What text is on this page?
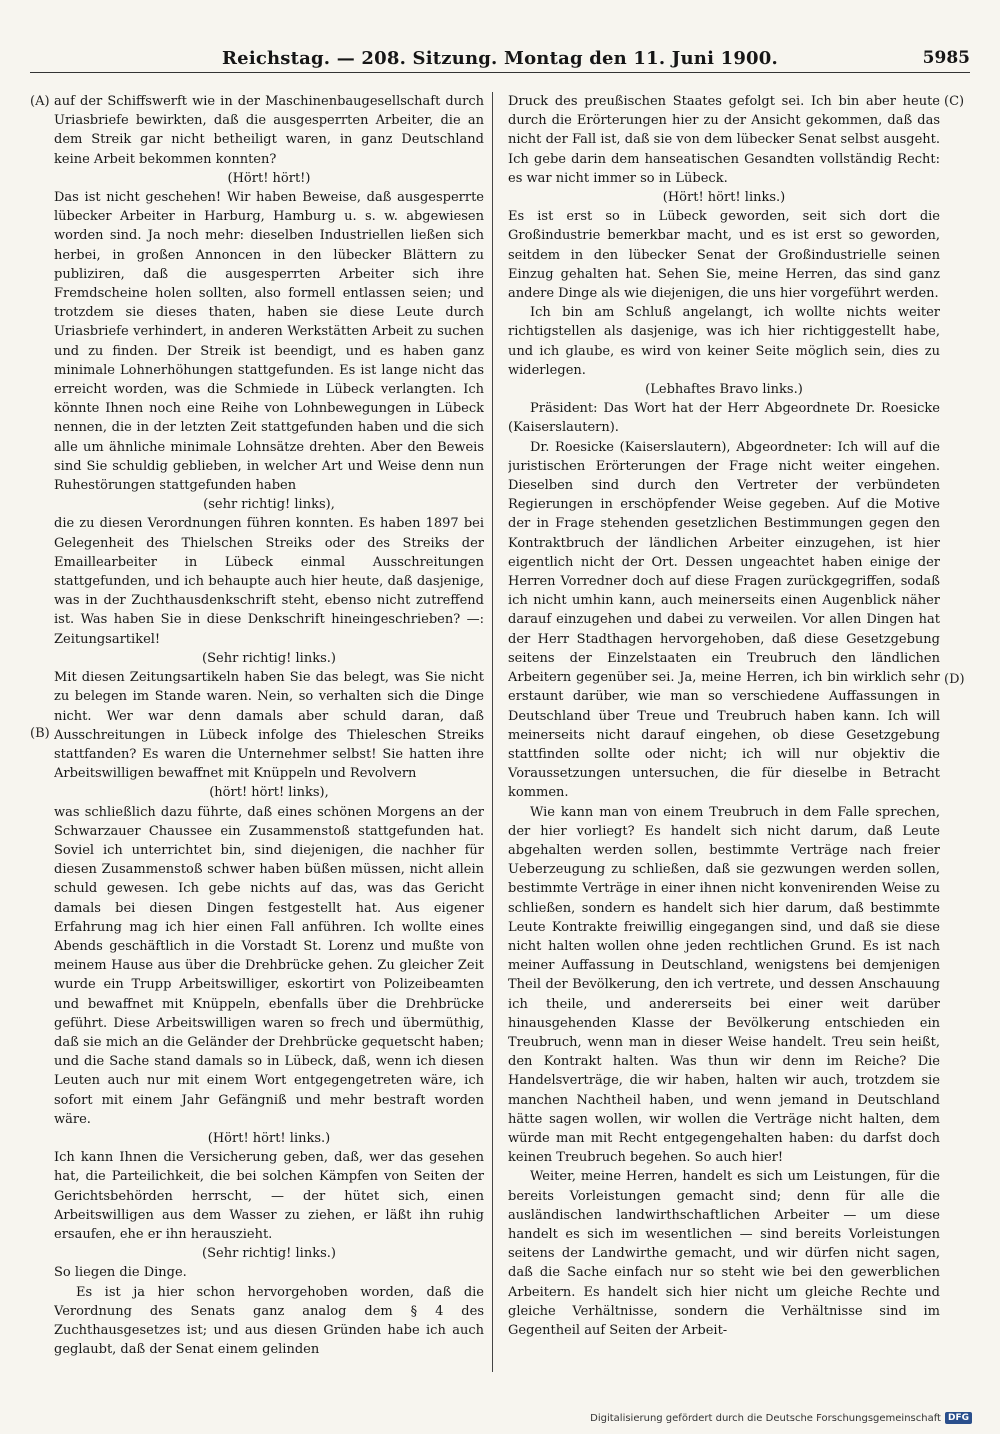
Reichstag. — 208. Sitzung. Montag den 11. Juni 1900.	5985
(A)
(B)
(C)
(D)

auf der Schiffswerft wie in der Maschinenbaugesellschaft durch Uriasbriefe bewirkten, daß die ausgesperrten Arbeiter, die an dem Streik gar nicht betheiligt waren, in ganz Deutschland keine Arbeit bekommen konnten?

(Hört! hört!)

Das ist nicht geschehen! Wir haben Beweise, daß ausgesperrte lübecker Arbeiter in Harburg, Hamburg u. s. w. abgewiesen worden sind. Ja noch mehr: dieselben Industriellen ließen sich herbei, in großen Annoncen in den lübecker Blättern zu publiziren, daß die ausgesperrten Arbeiter sich ihre Fremdscheine holen sollten, also formell entlassen seien; und trotzdem sie dieses thaten, haben sie diese Leute durch Uriasbriefe verhindert, in anderen Werkstätten Arbeit zu suchen und zu finden. Der Streik ist beendigt, und es haben ganz minimale Lohnerhöhungen stattgefunden. Es ist lange nicht das erreicht worden, was die Schmiede in Lübeck verlangten. Ich könnte Ihnen noch eine Reihe von Lohnbewegungen in Lübeck nennen, die in der letzten Zeit stattgefunden haben und die sich alle um ähnliche minimale Lohnsätze drehten. Aber den Beweis sind Sie schuldig geblieben, in welcher Art und Weise denn nun Ruhestörungen stattgefunden haben

(sehr richtig! links),

die zu diesen Verordnungen führen konnten. Es haben 1897 bei Gelegenheit des Thielschen Streiks oder des Streiks der Emaillearbeiter in Lübeck einmal Ausschreitungen stattgefunden, und ich behaupte auch hier heute, daß dasjenige, was in der Zuchthausdenkschrift steht, ebenso nicht zutreffend ist. Was haben Sie in diese Denkschrift hineingeschrieben? —: Zeitungsartikel!

(Sehr richtig! links.)

Mit diesen Zeitungsartikeln haben Sie das belegt, was Sie nicht zu belegen im Stande waren. Nein, so verhalten sich die Dinge nicht. Wer war denn damals aber schuld daran, daß Ausschreitungen in Lübeck infolge des Thieleschen Streiks stattfanden? Es waren die Unternehmer selbst! Sie hatten ihre Arbeitswilligen bewaffnet mit Knüppeln und Revolvern

(hört! hört! links),

was schließlich dazu führte, daß eines schönen Morgens an der Schwarzauer Chaussee ein Zusammenstoß stattgefunden hat. Soviel ich unterrichtet bin, sind diejenigen, die nachher für diesen Zusammenstoß schwer haben büßen müssen, nicht allein schuld gewesen. Ich gebe nichts auf das, was das Gericht damals bei diesen Dingen festgestellt hat. Aus eigener Erfahrung mag ich hier einen Fall anführen. Ich wollte eines Abends geschäftlich in die Vorstadt St. Lorenz und mußte von meinem Hause aus über die Drehbrücke gehen. Zu gleicher Zeit wurde ein Trupp Arbeitswilliger, eskortirt von Polizeibeamten und bewaffnet mit Knüppeln, ebenfalls über die Drehbrücke geführt. Diese Arbeitswilligen waren so frech und übermüthig, daß sie mich an die Geländer der Drehbrücke gequetscht haben; und die Sache stand damals so in Lübeck, daß, wenn ich diesen Leuten auch nur mit einem Wort entgegengetreten wäre, ich sofort mit einem Jahr Gefängniß und mehr bestraft worden wäre.

(Hört! hört! links.)

Ich kann Ihnen die Versicherung geben, daß, wer das gesehen hat, die Parteilichkeit, die bei solchen Kämpfen von Seiten der Gerichtsbehörden herrscht, — der hütet sich, einen Arbeitswilligen aus dem Wasser zu ziehen, er läßt ihn ruhig ersaufen, ehe er ihn herauszieht.

(Sehr richtig! links.)

So liegen die Dinge.

Es ist ja hier schon hervorgehoben worden, daß die Verordnung des Senats ganz analog dem § 4 des Zuchthausgesetzes ist; und aus diesen Gründen habe ich auch geglaubt, daß der Senat einem gelinden

Druck des preußischen Staates gefolgt sei. Ich bin aber heute durch die Erörterungen hier zu der Ansicht gekommen, daß das nicht der Fall ist, daß sie von dem lübecker Senat selbst ausgeht. Ich gebe darin dem hanseatischen Gesandten vollständig Recht: es war nicht immer so in Lübeck.

(Hört! hört! links.)

Es ist erst so in Lübeck geworden, seit sich dort die Großindustrie bemerkbar macht, und es ist erst so geworden, seitdem in den lübecker Senat der Großindustrielle seinen Einzug gehalten hat. Sehen Sie, meine Herren, das sind ganz andere Dinge als wie diejenigen, die uns hier vorgeführt werden.

Ich bin am Schluß angelangt, ich wollte nichts weiter richtigstellen als dasjenige, was ich hier richtiggestellt habe, und ich glaube, es wird von keiner Seite möglich sein, dies zu widerlegen.

(Lebhaftes Bravo links.)

Präsident: Das Wort hat der Herr Abgeordnete Dr. Roesicke (Kaiserslautern).

Dr. Roesicke (Kaiserslautern), Abgeordneter: Ich will auf die juristischen Erörterungen der Frage nicht weiter eingehen. Dieselben sind durch den Vertreter der verbündeten Regierungen in erschöpfender Weise gegeben. Auf die Motive der in Frage stehenden gesetzlichen Bestimmungen gegen den Kontraktbruch der ländlichen Arbeiter einzugehen, ist hier eigentlich nicht der Ort. Dessen ungeachtet haben einige der Herren Vorredner doch auf diese Fragen zurückgegriffen, sodaß ich nicht umhin kann, auch meinerseits einen Augenblick näher darauf einzugehen und dabei zu verweilen. Vor allen Dingen hat der Herr Stadthagen hervorgehoben, daß diese Gesetzgebung seitens der Einzelstaaten ein Treubruch den ländlichen Arbeitern gegenüber sei. Ja, meine Herren, ich bin wirklich sehr erstaunt darüber, wie man so verschiedene Auffassungen in Deutschland über Treue und Treubruch haben kann. Ich will meinerseits nicht darauf eingehen, ob diese Gesetzgebung stattfinden sollte oder nicht; ich will nur objektiv die Voraussetzungen untersuchen, die für dieselbe in Betracht kommen.

Wie kann man von einem Treubruch in dem Falle sprechen, der hier vorliegt? Es handelt sich nicht darum, daß Leute abgehalten werden sollen, bestimmte Verträge nach freier Ueberzeugung zu schließen, daß sie gezwungen werden sollen, bestimmte Verträge in einer ihnen nicht konvenirenden Weise zu schließen, sondern es handelt sich hier darum, daß bestimmte Leute Kontrakte freiwillig eingegangen sind, und daß sie diese nicht halten wollen ohne jeden rechtlichen Grund. Es ist nach meiner Auffassung in Deutschland, wenigstens bei demjenigen Theil der Bevölkerung, den ich vertrete, und dessen Anschauung ich theile, und andererseits bei einer weit darüber hinausgehenden Klasse der Bevölkerung entschieden ein Treubruch, wenn man in dieser Weise handelt. Treu sein heißt, den Kontrakt halten. Was thun wir denn im Reiche? Die Handelsverträge, die wir haben, halten wir auch, trotzdem sie manchen Nachtheil haben, und wenn jemand in Deutschland hätte sagen wollen, wir wollen die Verträge nicht halten, dem würde man mit Recht entgegengehalten haben: du darfst doch keinen Treubruch begehen. So auch hier!

Weiter, meine Herren, handelt es sich um Leistungen, für die bereits Vorleistungen gemacht sind; denn für alle die ausländischen landwirthschaftlichen Arbeiter — um diese handelt es sich im wesentlichen — sind bereits Vorleistungen seitens der Landwirthe gemacht, und wir dürfen nicht sagen, daß die Sache einfach nur so steht wie bei den gewerblichen Arbeitern. Es handelt sich hier nicht um gleiche Rechte und gleiche Verhältnisse, sondern die Verhältnisse sind im Gegentheil auf Seiten der Arbeit-

Digitalisierung gefördert durch die Deutsche Forschungsgemeinschaft DFG
